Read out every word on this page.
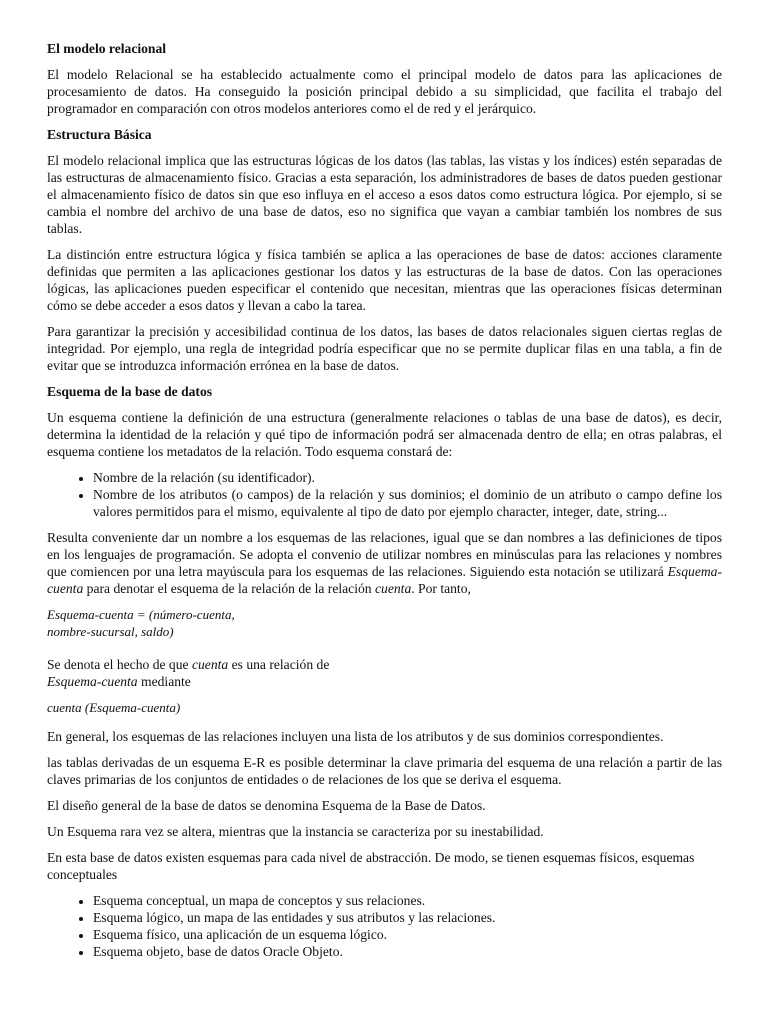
El modelo relacional

El modelo Relacional se ha establecido actualmente como el principal modelo de datos para las aplicaciones de procesamiento de datos. Ha conseguido la posición principal debido a su simplicidad, que facilita el trabajo del programador en comparación con otros modelos anteriores como el de red y el jerárquico.

Estructura Básica

El modelo relacional implica que las estructuras lógicas de los datos (las tablas, las vistas y los índices) estén separadas de las estructuras de almacenamiento físico. Gracias a esta separación, los administradores de bases de datos pueden gestionar el almacenamiento físico de datos sin que eso influya en el acceso a esos datos como estructura lógica. Por ejemplo, si se cambia el nombre del archivo de una base de datos, eso no significa que vayan a cambiar también los nombres de sus tablas.

La distinción entre estructura lógica y física también se aplica a las operaciones de base de datos: acciones claramente definidas que permiten a las aplicaciones gestionar los datos y las estructuras de la base de datos. Con las operaciones lógicas, las aplicaciones pueden especificar el contenido que necesitan, mientras que las operaciones físicas determinan cómo se debe acceder a esos datos y llevan a cabo la tarea.

Para garantizar la precisión y accesibilidad continua de los datos, las bases de datos relacionales siguen ciertas reglas de integridad. Por ejemplo, una regla de integridad podría especificar que no se permite duplicar filas en una tabla, a fin de evitar que se introduzca información errónea en la base de datos.

Esquema de la base de datos

Un esquema contiene la definición de una estructura (generalmente relaciones o tablas de una base de datos), es decir, determina la identidad de la relación y qué tipo de información podrá ser almacenada dentro de ella; en otras palabras, el esquema contiene los metadatos de la relación. Todo esquema constará de:

• Nombre de la relación (su identificador).
• Nombre de los atributos (o campos) de la relación y sus dominios; el dominio de un atributo o campo define los valores permitidos para el mismo, equivalente al tipo de dato por ejemplo character, integer, date, string...

Resulta conveniente dar un nombre a los esquemas de las relaciones, igual que se dan nombres a las definiciones de tipos en los lenguajes de programación. Se adopta el convenio de utilizar nombres en minúsculas para las relaciones y nombres que comiencen por una letra mayúscula para los esquemas de las relaciones. Siguiendo esta notación se utilizará Esquema-cuenta para denotar el esquema de la relación de la relación cuenta. Por tanto,

Esquema-cuenta = (número-cuenta,
nombre-sucursal, saldo)

Se denota el hecho de que cuenta es una relación de
Esquema-cuenta mediante

cuenta (Esquema-cuenta)

En general, los esquemas de las relaciones incluyen una lista de los atributos y de sus dominios correspondientes.

las tablas derivadas de un esquema E-R es posible determinar la clave primaria del esquema de una relación a partir de las claves primarias de los conjuntos de entidades o de relaciones de los que se deriva el esquema.

El diseño general de la base de datos se denomina Esquema de la Base de Datos.

Un Esquema rara vez se altera, mientras que la instancia se caracteriza por su inestabilidad.

En esta base de datos existen esquemas para cada nivel de abstracción. De modo, se tienen esquemas físicos, esquemas conceptuales

• Esquema conceptual, un mapa de conceptos y sus relaciones.
• Esquema lógico, un mapa de las entidades y sus atributos y las relaciones.
• Esquema físico, una aplicación de un esquema lógico.
• Esquema objeto, base de datos Oracle Objeto.
